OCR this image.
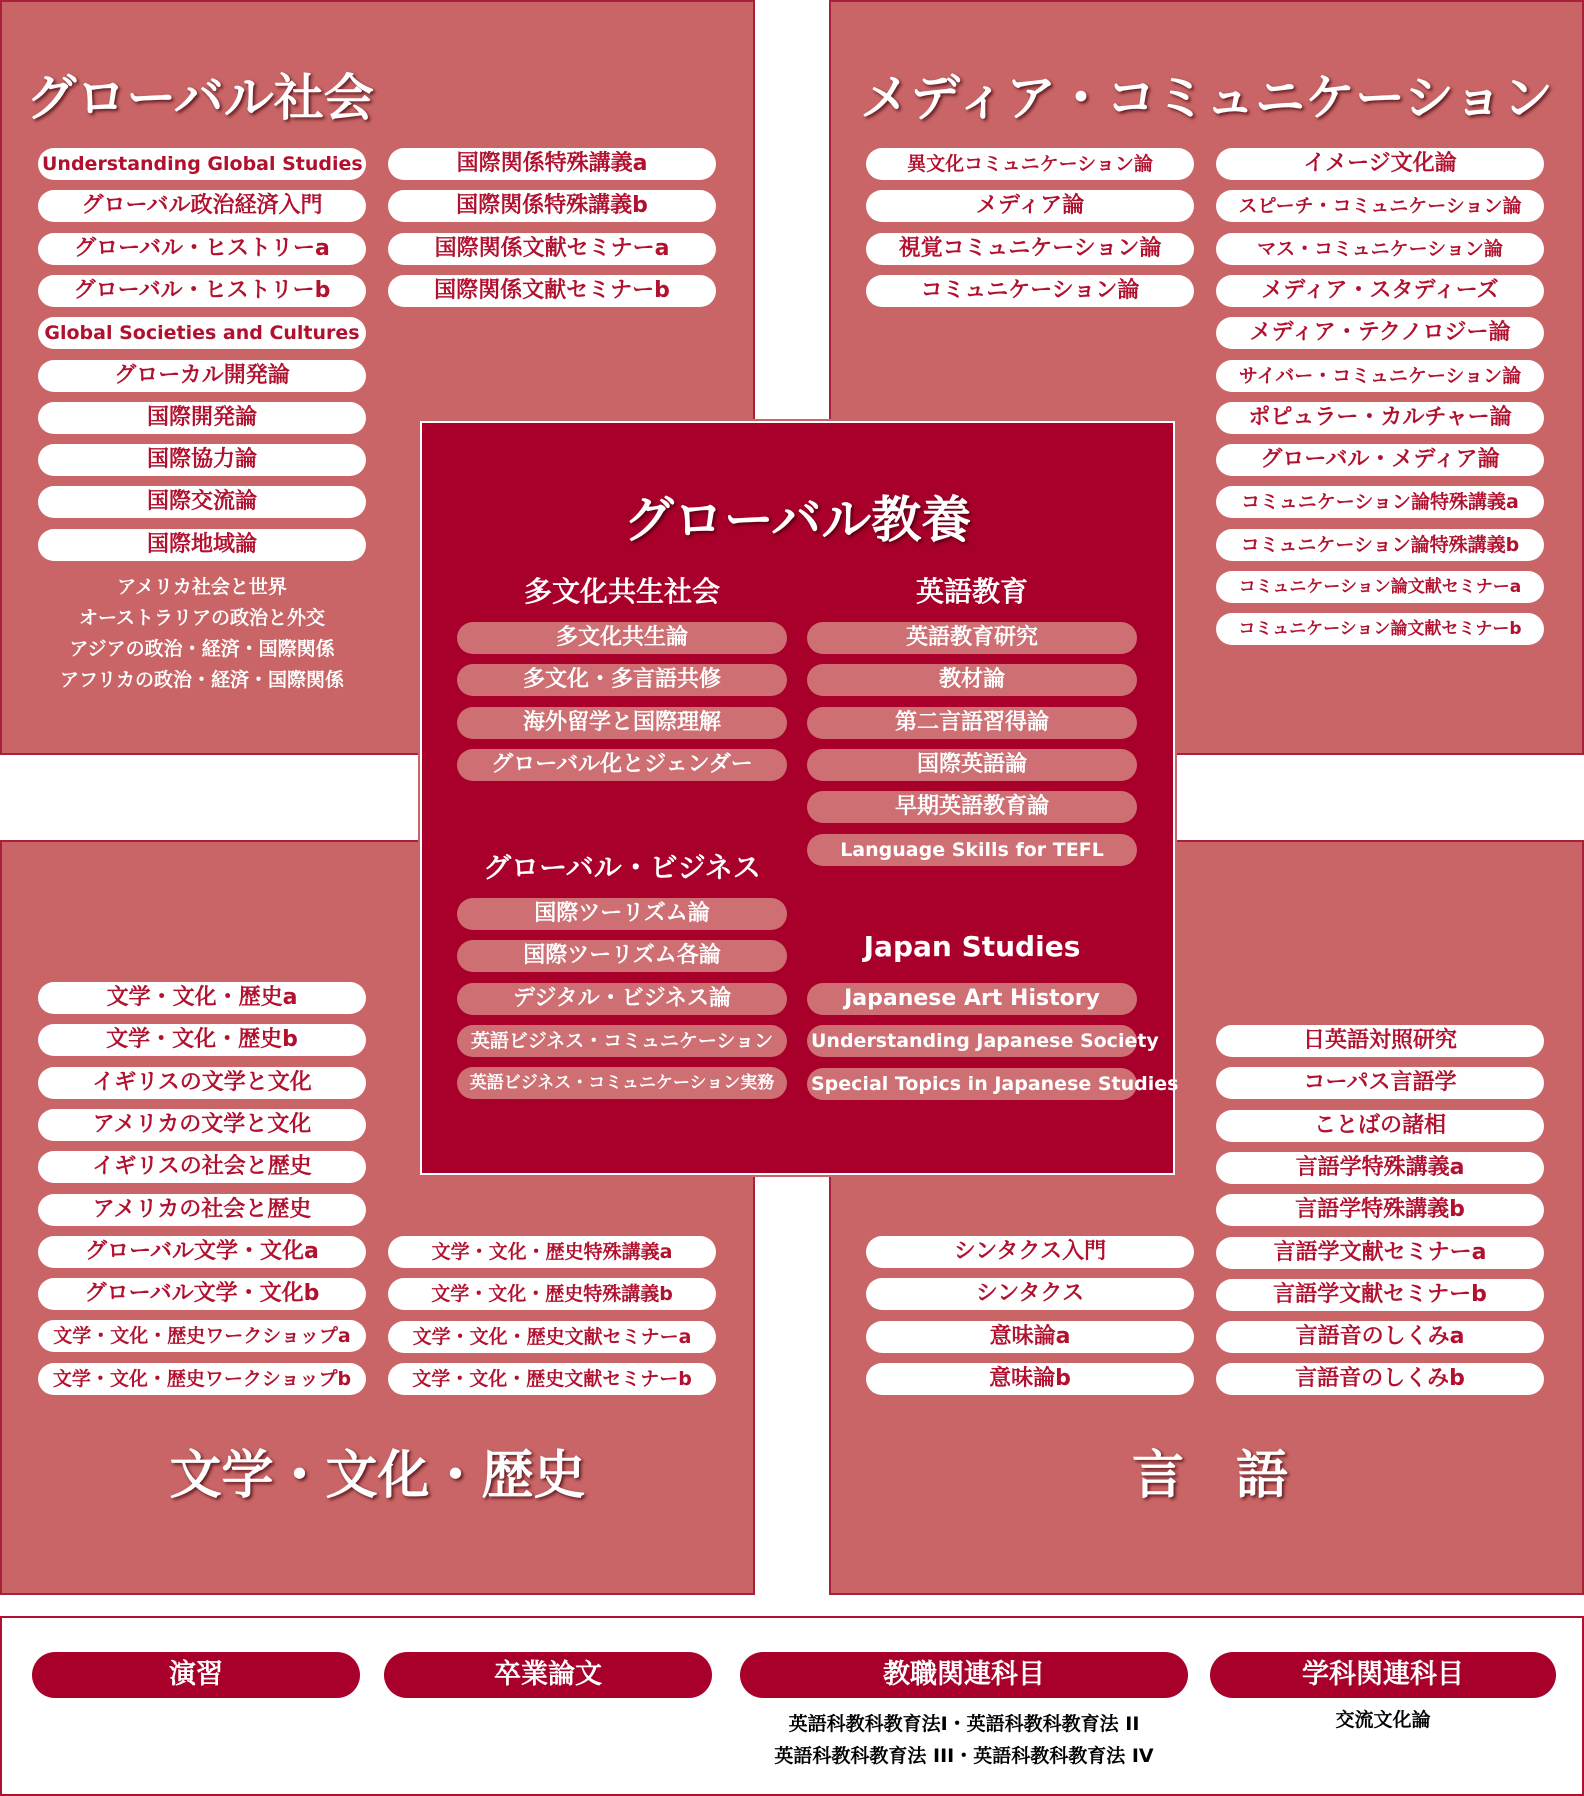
グローバル社会	メディア・コミュニケーション
文学・文化・歴史	言　語
Understanding Global Studies
グローバル政治経済入門
グローバル・ヒストリーa
グローバル・ヒストリーb
Global Societies and Cultures
グローカル開発論
国際開発論
国際協力論
国際交流論
国際地域論
国際関係特殊講義a
国際関係特殊講義b
国際関係文献セミナーa
国際関係文献セミナーb
アメリカ社会と世界
オーストラリアの政治と外交
アジアの政治・経済・国際関係
アフリカの政治・経済・国際関係
異文化コミュニケーション論
メディア論
視覚コミュニケーション論
コミュニケーション論
イメージ文化論
スピーチ・コミュニケーション論
マス・コミュニケーション論
メディア・スタディーズ
メディア・テクノロジー論
サイバー・コミュニケーション論
ポピュラー・カルチャー論
グローバル・メディア論
コミュニケーション論特殊講義a
コミュニケーション論特殊講義b
コミュニケーション論文献セミナーa
コミュニケーション論文献セミナーb
文学・文化・歴史a
文学・文化・歴史b
イギリスの文学と文化
アメリカの文学と文化
イギリスの社会と歴史
アメリカの社会と歴史
グローバル文学・文化a
グローバル文学・文化b
文学・文化・歴史ワークショップa
文学・文化・歴史ワークショップb
文学・文化・歴史特殊講義a
文学・文化・歴史特殊講義b
文学・文化・歴史文献セミナーa
文学・文化・歴史文献セミナーb
シンタクス入門
シンタクス
意味論a
意味論b
日英語対照研究
コーパス言語学
ことばの諸相
言語学特殊講義a
言語学特殊講義b
言語学文献セミナーa
言語学文献セミナーb
言語音のしくみa
言語音のしくみb
グローバル教養
多文化共生社会	英語教育
グローバル・ビジネス
Japan Studies
多文化共生論
多文化・多言語共修
海外留学と国際理解
グローバル化とジェンダー
英語教育研究
教材論
第二言語習得論
国際英語論
早期英語教育論
Language Skills for TEFL
国際ツーリズム論
国際ツーリズム各論
デジタル・ビジネス論
英語ビジネス・コミュニケーション
英語ビジネス・コミュニケーション実務
Japanese Art History
Understanding Japanese Society
Special Topics in Japanese Studies
演習	卒業論文	教職関連科目	学科関連科目
英語科教科教育法I・英語科教科教育法 II
英語科教科教育法 III・英語科教科教育法 IV
交流文化論
